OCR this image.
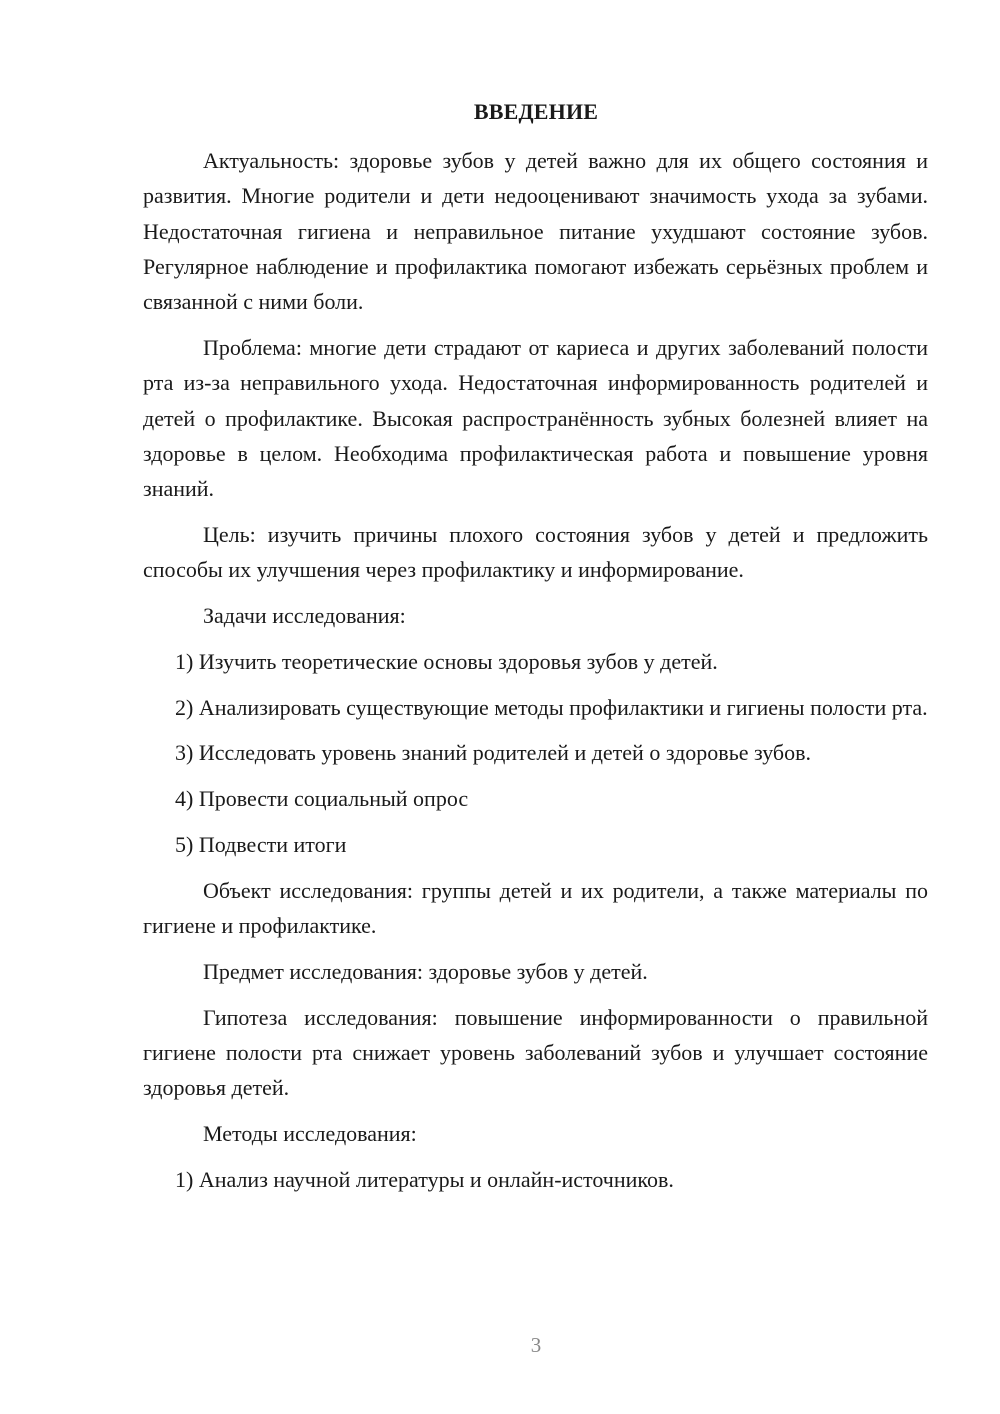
ВВЕДЕНИЕ

Актуальность: здоровье зубов у детей важно для их общего состояния и развития. Многие родители и дети недооценивают значимость ухода за зубами. Недостаточная гигиена и неправильное питание ухудшают состояние зубов. Регулярное наблюдение и профилактика помогают избежать серьёзных проблем и связанной с ними боли.

Проблема: многие дети страдают от кариеса и других заболеваний полости рта из-за неправильного ухода. Недостаточная информированность родителей и детей о профилактике. Высокая распространённость зубных болезней влияет на здоровье в целом. Необходима профилактическая работа и повышение уровня знаний.

Цель: изучить причины плохого состояния зубов у детей и предложить способы их улучшения через профилактику и информирование.

Задачи исследования:

1) Изучить теоретические основы здоровья зубов у детей.

2) Анализировать существующие методы профилактики и гигиены полости рта.

3) Исследовать уровень знаний родителей и детей о здоровье зубов.

4) Провести социальный опрос

5) Подвести итоги

Объект исследования: группы детей и их родители, а также материалы по гигиене и профилактике.

Предмет исследования: здоровье зубов у детей.

Гипотеза исследования: повышение информированности о правильной гигиене полости рта снижает уровень заболеваний зубов и улучшает состояние здоровья детей.

Методы исследования:

1) Анализ научной литературы и онлайн-источников.

3
